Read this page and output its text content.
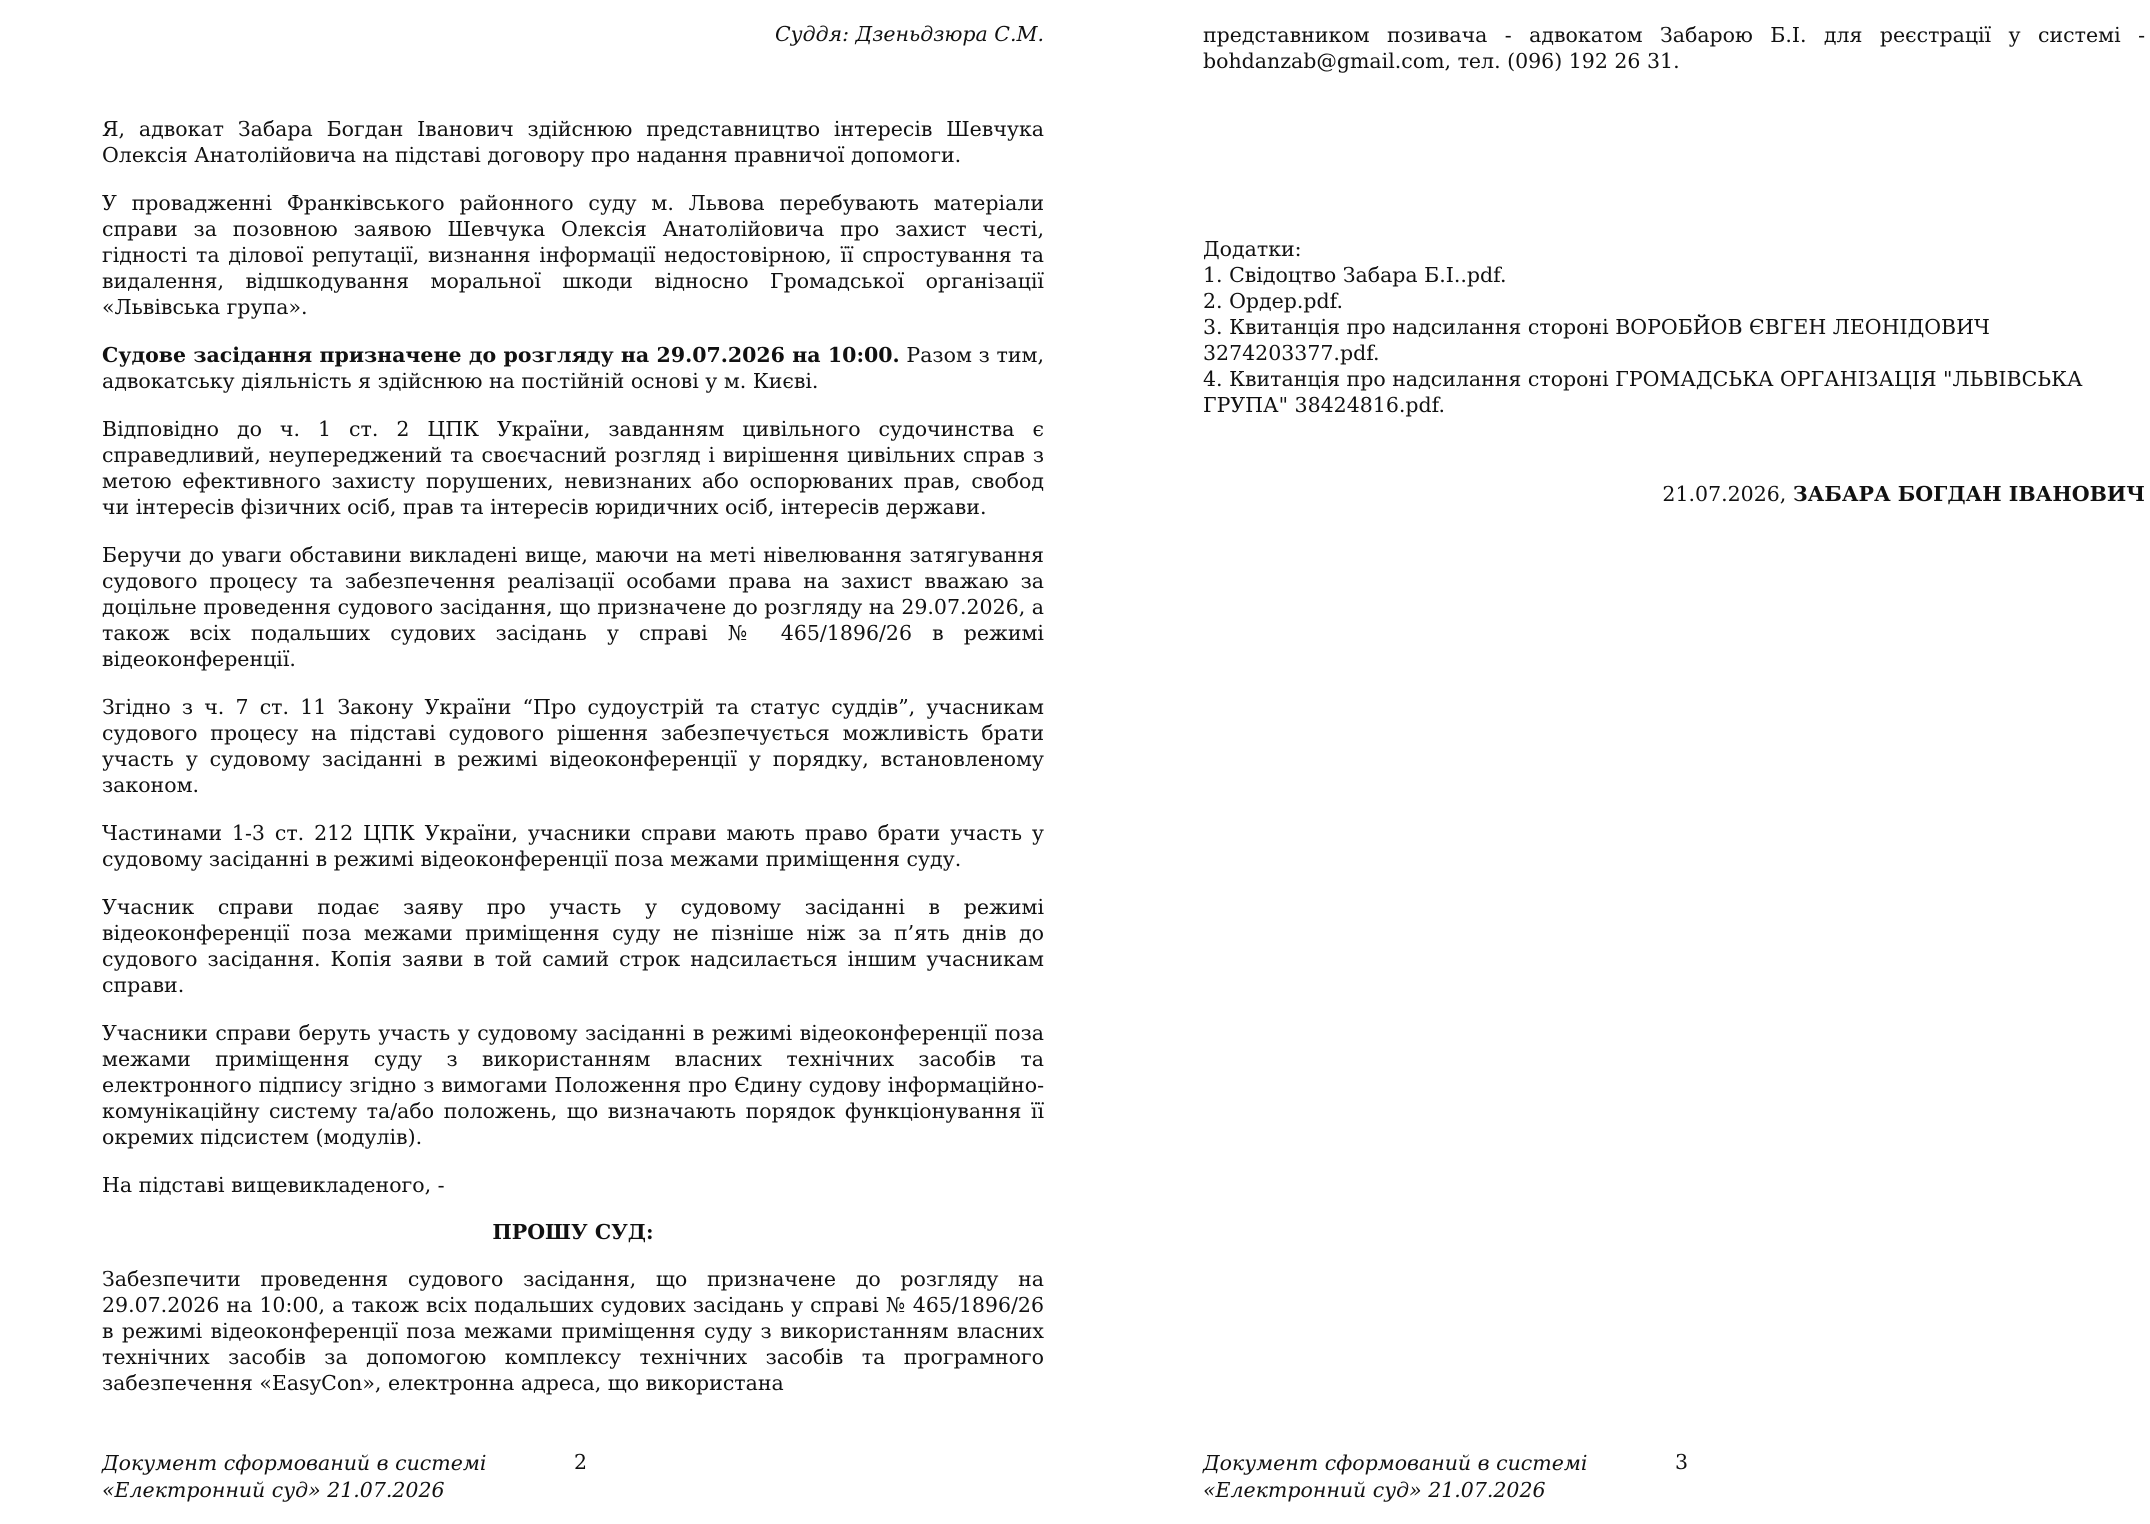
Суддя: Дзеньдзюра С.М.

Я, адвокат Забара Богдан Іванович здійснюю представництво інтересів Шевчука Олексія Анатолійовича на підставі договору про надання правничої допомоги.

У провадженні Франківського районного суду м. Львова перебувають матеріали справи за позовною заявою Шевчука Олексія Анатолійовича про захист честі, гідності та ділової репутації, визнання інформації недостовірною, її спростування та видалення, відшкодування моральної шкоди відносно Громадської організації «Львівська група».

Судове засідання призначене до розгляду на 29.07.2026 на 10:00. Разом з тим, адвокатську діяльність я здійснюю на постійній основі у м. Києві.

Відповідно до ч. 1 ст. 2 ЦПК України, завданням цивільного судочинства є справедливий, неупереджений та своєчасний розгляд і вирішення цивільних справ з метою ефективного захисту порушених, невизнаних або оспорюваних прав, свобод чи інтересів фізичних осіб, прав та інтересів юридичних осіб, інтересів держави.

Беручи до уваги обставини викладені вище, маючи на меті нівелювання затягування судового процесу та забезпечення реалізації особами права на захист вважаю за доцільне проведення судового засідання, що призначене до розгляду на 29.07.2026, а також всіх подальших судових засідань у справі № 465/1896/26 в режимі відеоконференції.

Згідно з ч. 7 ст. 11 Закону України “Про судоустрій та статус суддів”, учасникам судового процесу на підставі судового рішення забезпечується можливість брати участь у судовому засіданні в режимі відеоконференції у порядку, встановленому законом.

Частинами 1-3 ст. 212 ЦПК України, учасники справи мають право брати участь у судовому засіданні в режимі відеоконференції поза межами приміщення суду.

Учасник справи подає заяву про участь у судовому засіданні в режимі відеоконференції поза межами приміщення суду не пізніше ніж за п’ять днів до судового засідання. Копія заяви в той самий строк надсилається іншим учасникам справи.

Учасники справи беруть участь у судовому засіданні в режимі відеоконференції поза межами приміщення суду з використанням власних технічних засобів та електронного підпису згідно з вимогами Положення про Єдину судову інформаційно-комунікаційну систему та/або положень, що визначають порядок функціонування її окремих підсистем (модулів).

На підставі вищевикладеного, -

ПРОШУ СУД:

Забезпечити проведення судового засідання, що призначене до розгляду на 29.07.2026 на 10:00, а також всіх подальших судових засідань у справі № 465/1896/26 в режимі відеоконференції поза межами приміщення суду з використанням власних технічних засобів за допомогою комплексу технічних засобів та програмного забезпечення «EasyCon», електронна адреса, що використана

Документ сформований в системі
«Електронний суд» 21.07.2026
2

представником позивача - адвокатом Забарою Б.І. для реєстрації у системі - bohdanzab@gmail.com, тел. (096) 192 26 31.

Додатки:
1. Свідоцтво Забара Б.І..pdf.
2. Ордер.pdf.
3. Квитанція про надсилання стороні ВОРОБЙОВ ЄВГЕН ЛЕОНІДОВИЧ 3274203377.pdf.
4. Квитанція про надсилання стороні ГРОМАДСЬКА ОРГАНІЗАЦІЯ "ЛЬВІВСЬКА ГРУПА" 38424816.pdf.
21.07.2026, ЗАБАРА БОГДАН ІВАНОВИЧ
Документ сформований в системі
«Електронний суд» 21.07.2026
3
